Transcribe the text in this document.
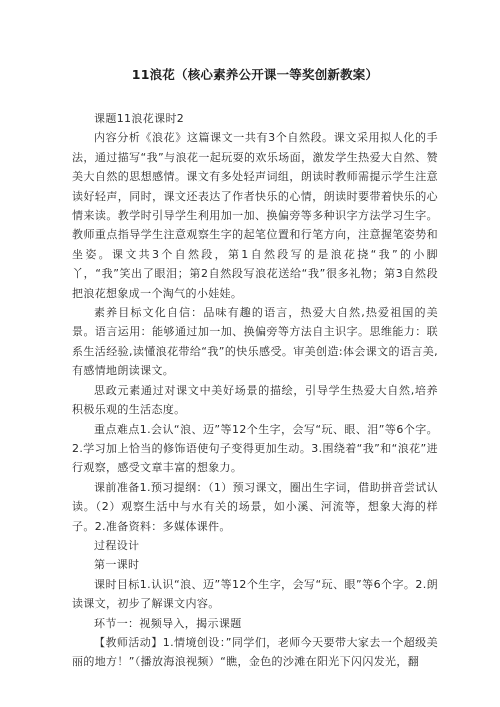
11浪花（核心素养公开课一等奖创新教案）

课题11浪花课时2

内容分析《浪花》这篇课文一共有3个自然段。课文采用拟人化的手法，通过描写“我”与浪花一起玩耍的欢乐场面，激发学生热爱大自然、赞美大自然的思想感情。课文有多处轻声词组，朗读时教师需提示学生注意读好轻声，同时，课文还表达了作者快乐的心情，朗读时要带着快乐的心情来读。教学时引导学生利用加一加、换偏旁等多种识字方法学习生字。教师重点指导学生注意观察生字的起笔位置和行笔方向，注意握笔姿势和坐姿。课文共3个自然段，第1自然段写的是浪花挠“我”的小脚丫，“我”笑出了眼泪；第2自然段写浪花送给“我”很多礼物；第3自然段把浪花想象成一个淘气的小娃娃。

素养目标文化自信：品味有趣的语言，热爱大自然,热爱祖国的美景。语言运用：能够通过加一加、换偏旁等方法自主识字。思维能力：联系生活经验,读懂浪花带给“我”的快乐感受。审美创造:体会课文的语言美,有感情地朗读课文。

思政元素通过对课文中美好场景的描绘，引导学生热爱大自然,培养积极乐观的生活态度。

重点难点1.会认“浪、迈”等12个生字，会写“玩、眼、泪”等6个字。2.学习加上恰当的修饰语使句子变得更加生动。3.围绕着“我”和“浪花”进行观察，感受文章丰富的想象力。

课前准备1.预习提纲：（1）预习课文，圈出生字词，借助拼音尝试认读。（2）观察生活中与水有关的场景，如小溪、河流等，想象大海的样子。2.准备资料：多媒体课件。

过程设计

第一课时

课时目标1.认识“浪、迈”等12个生字，会写“玩、眼”等6个字。2.朗读课文，初步了解课文内容。

环节一：视频导入，揭示课题

【教师活动】1.情境创设：”同学们，老师今天要带大家去一个超级美丽的地方！”（播放海浪视频）“瞧，金色的沙滩在阳光下闪闪发光，翻
